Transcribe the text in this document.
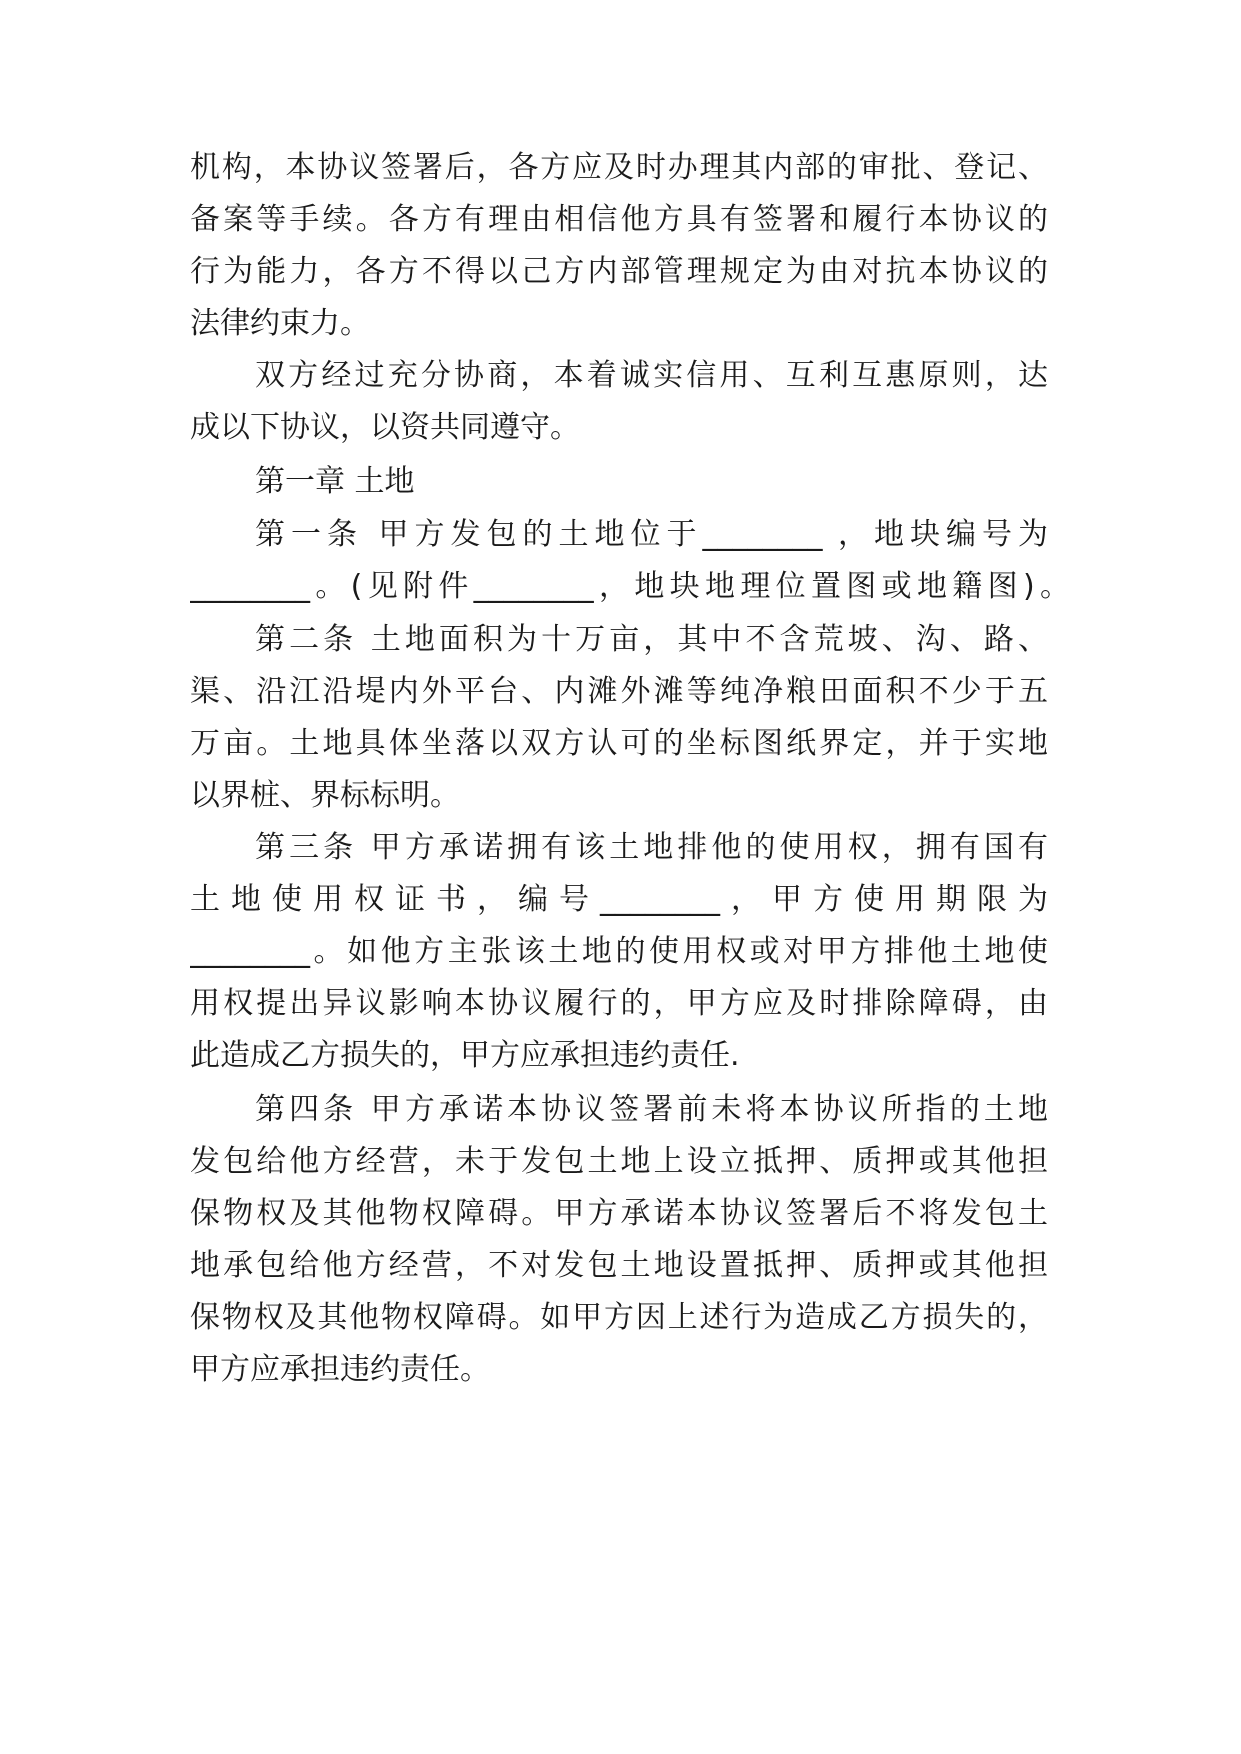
机构，本协议签署后，各方应及时办理其内部的审批、登记、
备案等手续。各方有理由相信他方具有签署和履行本协议的
行为能力，各方不得以己方内部管理规定为由对抗本协议的
法律约束力。
双方经过充分协商，本着诚实信用、互利互惠原则，达
成以下协议，以资共同遵守。
第一章 土地
第一条 甲方发包的土地位于________ ，地块编号为
________。(见附件________，地块地理位置图或地籍图)。
第二条 土地面积为十万亩，其中不含荒坡、沟、路、
渠、沿江沿堤内外平台、内滩外滩等纯净粮田面积不少于五
万亩。土地具体坐落以双方认可的坐标图纸界定，并于实地
以界桩、界标标明。
第三条 甲方承诺拥有该土地排他的使用权，拥有国有
土地使用权证书，编号________，甲方使用期限为
________。如他方主张该土地的使用权或对甲方排他土地使
用权提出异议影响本协议履行的，甲方应及时排除障碍，由
此造成乙方损失的，甲方应承担违约责任.
第四条 甲方承诺本协议签署前未将本协议所指的土地
发包给他方经营，未于发包土地上设立抵押、质押或其他担
保物权及其他物权障碍。甲方承诺本协议签署后不将发包土
地承包给他方经营，不对发包土地设置抵押、质押或其他担
保物权及其他物权障碍。如甲方因上述行为造成乙方损失的，
甲方应承担违约责任。
